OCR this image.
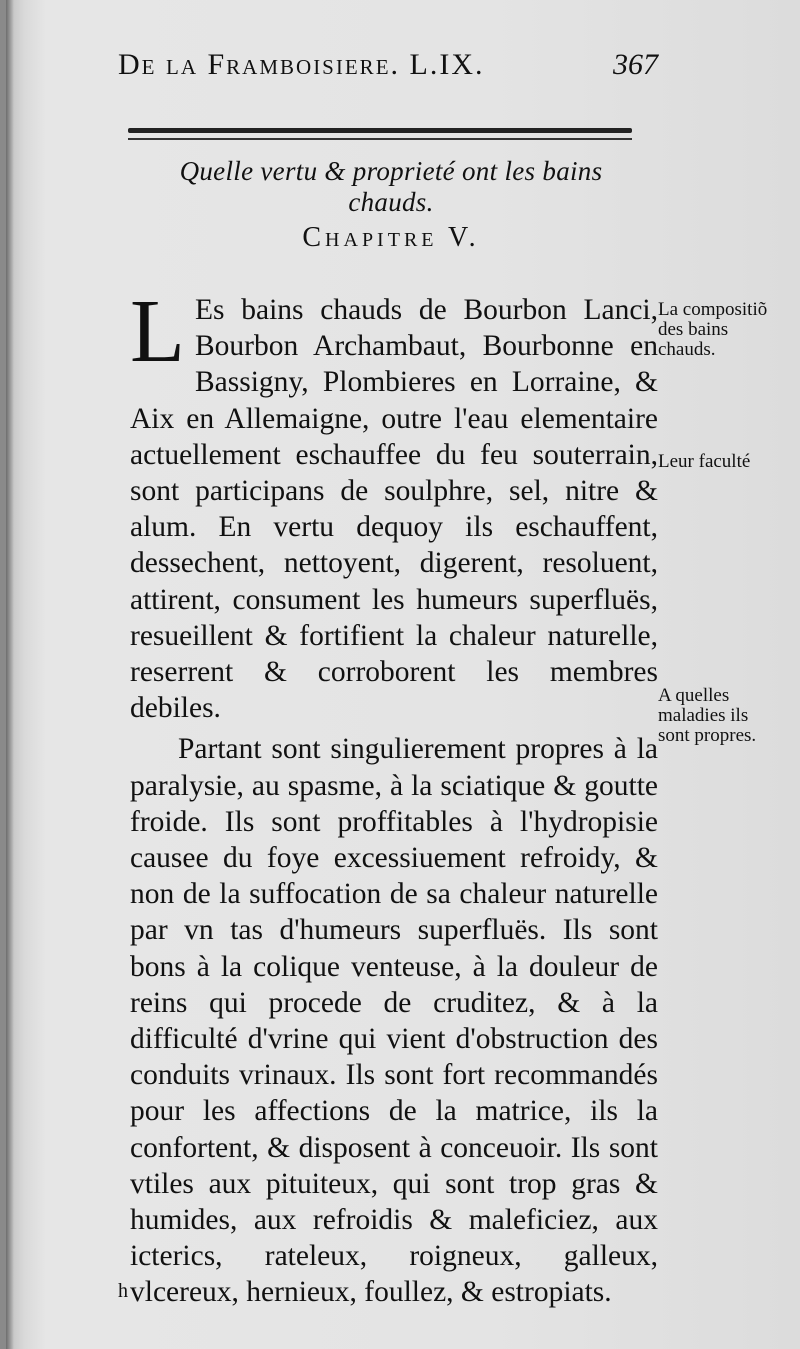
De la Framboisiere. L.IX.	367
Quelle vertu & proprieté ont les bains chauds.
Chapitre V.

L Es bains chauds de Bourbon Lanci, Bourbon Archambaut, Bourbonne en Bassigny, Plombieres en Lorraine, & Aix en Allemaigne, outre l'eau elementaire actuellement eschauffee du feu souterrain, sont participans de soulphre, sel, nitre & alum. En vertu dequoy ils eschauffent, dessechent, nettoyent, digerent, resoluent, attirent, consument les humeurs superfluës, resueillent & fortifient la chaleur naturelle, reserrent & corroborent les membres debiles.

Partant sont singulierement propres à la paralysie, au spasme, à la sciatique & goutte froide. Ils sont proffitables à l'hydropisie causee du foye excessiuement refroidy, & non de la suffocation de sa chaleur naturelle par vn tas d'humeurs superfluës. Ils sont bons à la colique venteuse, à la douleur de reins qui procede de cruditez, & à la difficulté d'vrine qui vient d'obstruction des conduits vrinaux. Ils sont fort recommandés pour les affections de la matrice, ils la confortent, & disposent à conceuoir. Ils sont vtiles aux pituiteux, qui sont trop gras & humides, aux refroidis & maleficiez, aux icterics, rateleux, roigneux, galleux, vlcereux, hernieux, foullez, & estropiats.

La compositiõ des bains chauds.
Leur faculté
A quelles maladies ils sont propres.
h
